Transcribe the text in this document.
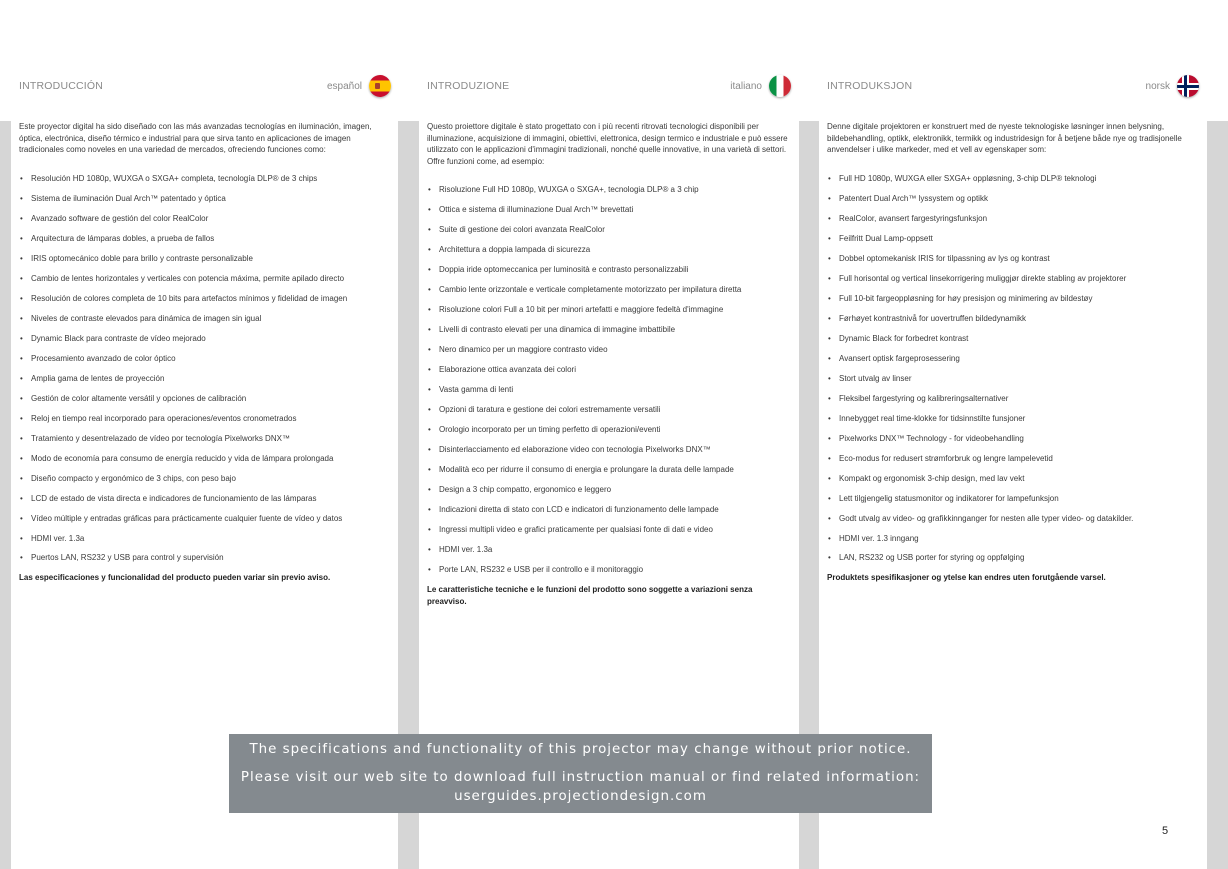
INTRODUCCIÓN	español	INTRODUZIONE	italiano	INTRODUKSJON	norsk

Este proyector digital ha sido diseñado con las más avanzadas tecnologías en iluminación, imagen, óptica, electrónica, diseño térmico e industrial para que sirva tanto en aplicaciones de imagen tradicionales como noveles en una variedad de mercados, ofreciendo funciones como:

• Resolución HD 1080p, WUXGA o SXGA+ completa, tecnología DLP® de 3 chips
• Sistema de iluminación Dual Arch™ patentado y óptica
• Avanzado software de gestión del color RealColor
• Arquitectura de lámparas dobles, a prueba de fallos
• IRIS optomecánico doble para brillo y contraste personalizable
• Cambio de lentes horizontales y verticales con potencia máxima, permite apilado directo
• Resolución de colores completa de 10 bits para artefactos mínimos y fidelidad de imagen
• Niveles de contraste elevados para dinámica de imagen sin igual
• Dynamic Black para contraste de vídeo mejorado
• Procesamiento avanzado de color óptico
• Amplia gama de lentes de proyección
• Gestión de color altamente versátil y opciones de calibración
• Reloj en tiempo real incorporado para operaciones/eventos cronometrados
• Tratamiento y desentrelazado de vídeo por tecnología Pixelworks DNX™
• Modo de economía para consumo de energía reducido y vida de lámpara prolongada
• Diseño compacto y ergonómico de 3 chips, con peso bajo
• LCD de estado de vista directa e indicadores de funcionamiento de las lámparas
• Vídeo múltiple y entradas gráficas para prácticamente cualquier fuente de vídeo y datos
• HDMI ver. 1.3a
• Puertos LAN, RS232 y USB para control y supervisión

Las especificaciones y funcionalidad del producto pueden variar sin previo aviso.

Questo proiettore digitale è stato progettato con i più recenti ritrovati tecnologici disponibili per illuminazione, acquisizione di immagini, obiettivi, elettronica, design termico e industriale e può essere utilizzato con le applicazioni d'immagini tradizionali, nonché quelle innovative, in una varietà di settori. Offre funzioni come, ad esempio:

• Risoluzione Full HD 1080p, WUXGA o SXGA+, tecnologia DLP® a 3 chip
• Ottica e sistema di illuminazione Dual Arch™ brevettati
• Suite di gestione dei colori avanzata RealColor
• Architettura a doppia lampada di sicurezza
• Doppia iride optomeccanica per luminosità e contrasto personalizzabili
• Cambio lente orizzontale e verticale completamente motorizzato per impilatura diretta
• Risoluzione colori Full a 10 bit per minori artefatti e maggiore fedeltà d'immagine
• Livelli di contrasto elevati per una dinamica di immagine imbattibile
• Nero dinamico per un maggiore contrasto video
• Elaborazione ottica avanzata dei colori
• Vasta gamma di lenti
• Opzioni di taratura e gestione dei colori estremamente versatili
• Orologio incorporato per un timing perfetto di operazioni/eventi
• Disinterlacciamento ed elaborazione video con tecnologia Pixelworks DNX™
• Modalità eco per ridurre il consumo di energia e prolungare la durata delle lampade
• Design a 3 chip compatto, ergonomico e leggero
• Indicazioni diretta di stato con LCD e indicatori di funzionamento delle lampade
• Ingressi multipli video e grafici praticamente per qualsiasi fonte di dati e video
• HDMI ver. 1.3a
• Porte LAN, RS232 e USB per il controllo e il monitoraggio

Le caratteristiche tecniche e le funzioni del prodotto sono soggette a variazioni senza preavviso.

Denne digitale projektoren er konstruert med de nyeste teknologiske løsninger innen belysning, bildebehandling, optikk, elektronikk, termikk og industridesign for å betjene både nye og tradisjonelle anvendelser i ulike markeder, med et vell av egenskaper som:

• Full HD 1080p, WUXGA eller SXGA+ oppløsning, 3-chip DLP® teknologi
• Patentert Dual Arch™ lyssystem og optikk
• RealColor, avansert fargestyringsfunksjon
• Feilfritt Dual Lamp-oppsett
• Dobbel optomekanisk IRIS for tilpassning av lys og kontrast
• Full horisontal og vertical linsekorrigering muliggjør direkte stabling av projektorer
• Full 10-bit fargeoppløsning for høy presisjon og minimering av bildestøy
• Førhøyet kontrastnivå for uovertruffen bildedynamikk
• Dynamic Black for forbedret kontrast
• Avansert optisk fargeprosessering
• Stort utvalg av linser
• Fleksibel fargestyring og kalibreringsalternativer
• Innebygget real time-klokke for tidsinnstilte funsjoner
• Pixelworks DNX™ Technology - for videobehandling
• Eco-modus for redusert strømforbruk og lengre lampelevetid
• Kompakt og ergonomisk 3-chip design, med lav vekt
• Lett tilgjengelig statusmonitor og indikatorer for lampefunksjon
• Godt utvalg av video- og grafikkinnganger for nesten alle typer video- og datakilder.
• HDMI ver. 1.3 inngang
• LAN, RS232 og USB porter for styring og oppfølging

Produktets spesifikasjoner og ytelse kan endres uten forutgående varsel.

The specifications and functionality of this projector may change without prior notice.

Please visit our web site to download full instruction manual or find related information:
userguides.projectiondesign.com

5
